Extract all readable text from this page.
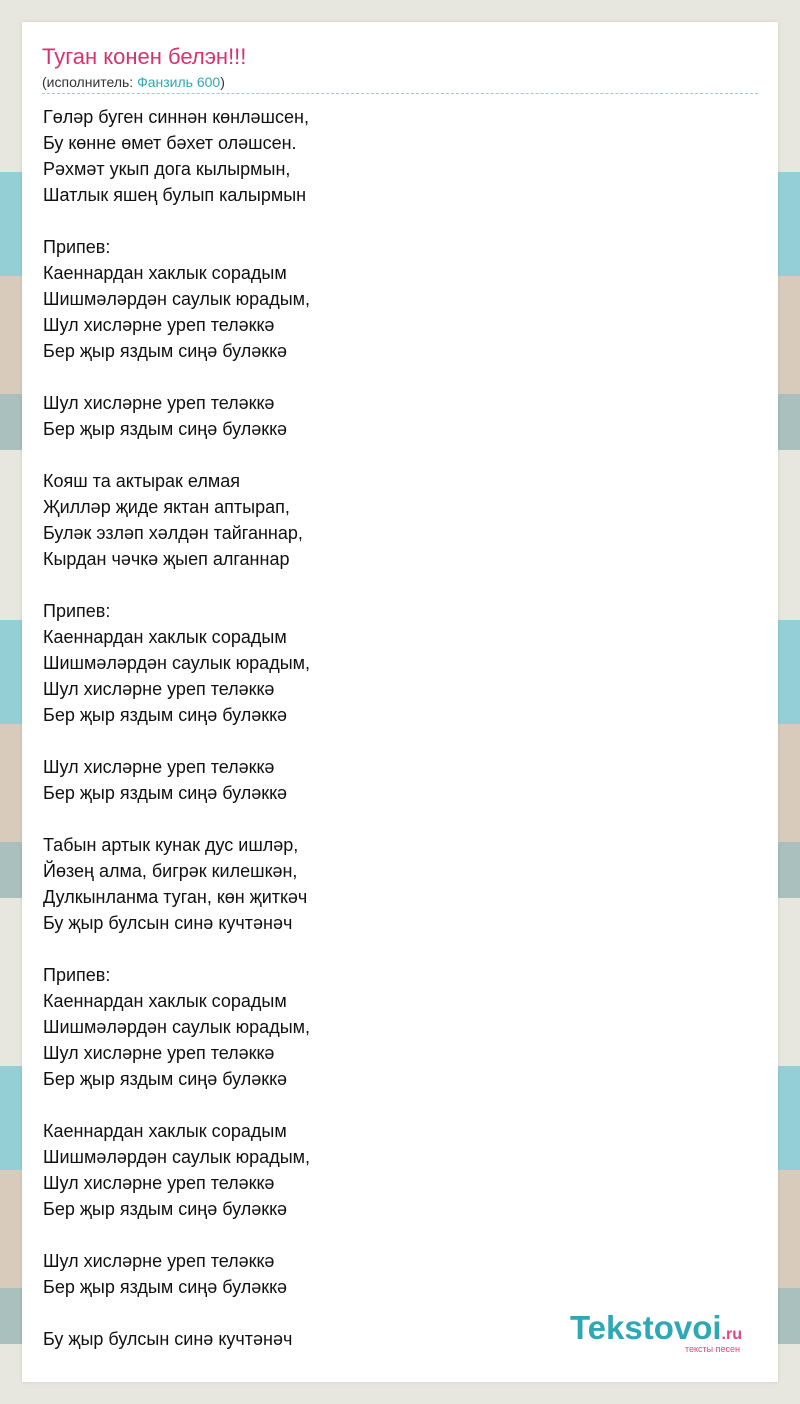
Туган конен белэн!!!
(исполнитель: Фанзиль 600)
Гөләр буген синнән көнләшсен,
Бу көнне өмет бәхет оләшсен.
Рәхмәт укып дога кылырмын,
Шатлык яшең булып калырмын
Припев:
Каеннардан хаклык сорадым
Шишмәләрдән саулык юрадым,
Шул хисләрне уреп теләккә
Бер җыр яздым сиңә буләккә
Шул хисләрне уреп теләккә
Бер җыр яздым сиңә буләккә
Кояш та актырак елмая
Җилләр җиде яктан аптырап,
Буләк эзләп хәлдән тайганнар,
Кырдан чәчкә җыеп алганнар
Припев:
Каеннардан хаклык сорадым
Шишмәләрдән саулык юрадым,
Шул хисләрне уреп теләккә
Бер җыр яздым сиңә буләккә
Шул хисләрне уреп теләккә
Бер җыр яздым сиңә буләккә
Табын артык кунак дус ишләр,
Йөзең алма, бигрәк килешкән,
Дулкынланма туган, көн җиткәч
Бу җыр булсын синә кучтәнәч
Припев:
Каеннардан хаклык сорадым
Шишмәләрдән саулык юрадым,
Шул хисләрне уреп теләккә
Бер җыр яздым сиңә буләккә
Каеннардан хаклык сорадым
Шишмәләрдән саулык юрадым,
Шул хисләрне уреп теләккә
Бер җыр яздым сиңә буләккә
Шул хисләрне уреп теләккә
Бер җыр яздым сиңә буләккә
Бу җыр булсын синә кучтәнәч	Tekstovoi.ru
тексты песен
